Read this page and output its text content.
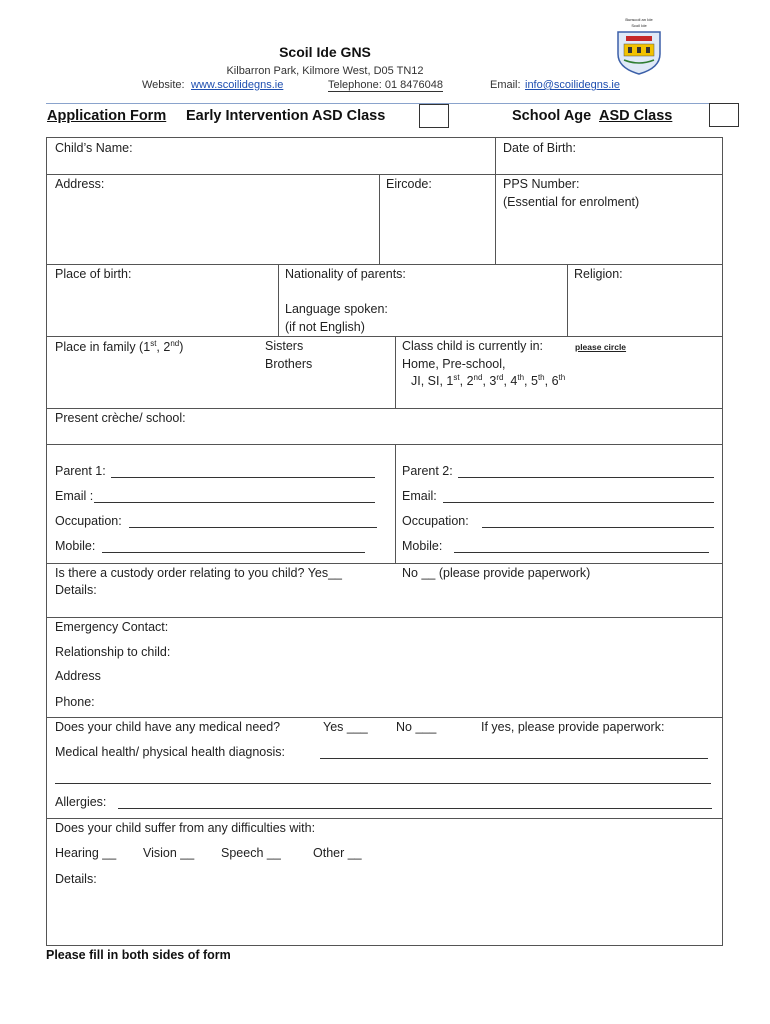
Scoil Ide GNS
Kilbarron Park, Kilmore West, D05 TN12
Website: www.scoilidegns.ie	Telephone: 01 8476048	Email: info@scoilidegns.ie
Bunscoil an Ide
Scoil Ide
Application Form Early Intervention ASD Class	School Age ASD Class
Child’s Name:	Date of Birth:
Address:	Eircode:	PPS Number:
(Essential for enrolment)
Place of birth:	Nationality of parents:
Language spoken:
(if not English)
Religion:
Place in family (1st, 2nd)	Sisters
Brothers
Class child is currently in:	please circle
Home, Pre-school,
JI, SI, 1st, 2nd, 3rd, 4th, 5th, 6th
Present crèche/ school:
Parent 1:
Email :
Occupation:
Mobile:
Parent 2:
Email:
Occupation:
Mobile:
Is there a custody order relating to you child? Yes__	No __ (please provide paperwork)
Details:
Emergency Contact:
Relationship to child:
Address
Phone:
Does your child have any medical need?	Yes ___ No ___	If yes, please provide paperwork:
Medical health/ physical health diagnosis:
Allergies:
Does your child suffer from any difficulties with:
Hearing __ Vision __ Speech __	Other __
Details:
Please fill in both sides of form
